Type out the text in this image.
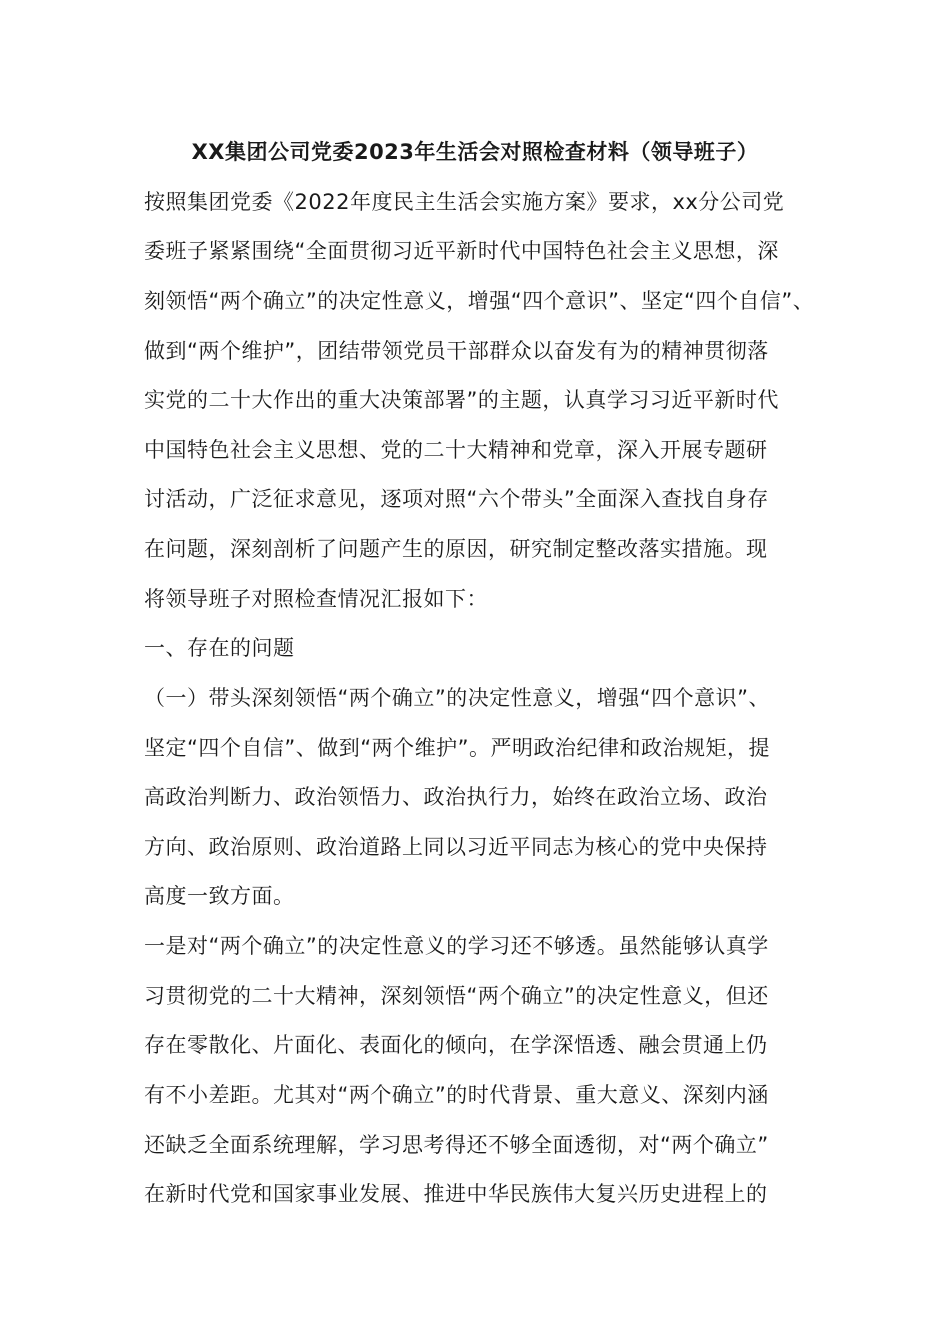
XX集团公司党委2023年生活会对照检查材料（领导班子）
按照集团党委《2022年度民主生活会实施方案》要求，xx分公司党
委班子紧紧围绕“全面贯彻习近平新时代中国特色社会主义思想，深
刻领悟“两个确立”的决定性意义，增强“四个意识”、坚定“四个自信”、
做到“两个维护”，团结带领党员干部群众以奋发有为的精神贯彻落
实党的二十大作出的重大决策部署”的主题，认真学习习近平新时代
中国特色社会主义思想、党的二十大精神和党章，深入开展专题研
讨活动，广泛征求意见，逐项对照“六个带头”全面深入查找自身存
在问题，深刻剖析了问题产生的原因，研究制定整改落实措施。现
将领导班子对照检查情况汇报如下：
一、存在的问题
（一）带头深刻领悟“两个确立”的决定性意义，增强“四个意识”、
坚定“四个自信”、做到“两个维护”。严明政治纪律和政治规矩，提
高政治判断力、政治领悟力、政治执行力，始终在政治立场、政治
方向、政治原则、政治道路上同以习近平同志为核心的党中央保持
高度一致方面。
一是对“两个确立”的决定性意义的学习还不够透。虽然能够认真学
习贯彻党的二十大精神，深刻领悟“两个确立”的决定性意义，但还
存在零散化、片面化、表面化的倾向，在学深悟透、融会贯通上仍
有不小差距。尤其对“两个确立”的时代背景、重大意义、深刻内涵
还缺乏全面系统理解，学习思考得还不够全面透彻，对“两个确立”
在新时代党和国家事业发展、推进中华民族伟大复兴历史进程上的
